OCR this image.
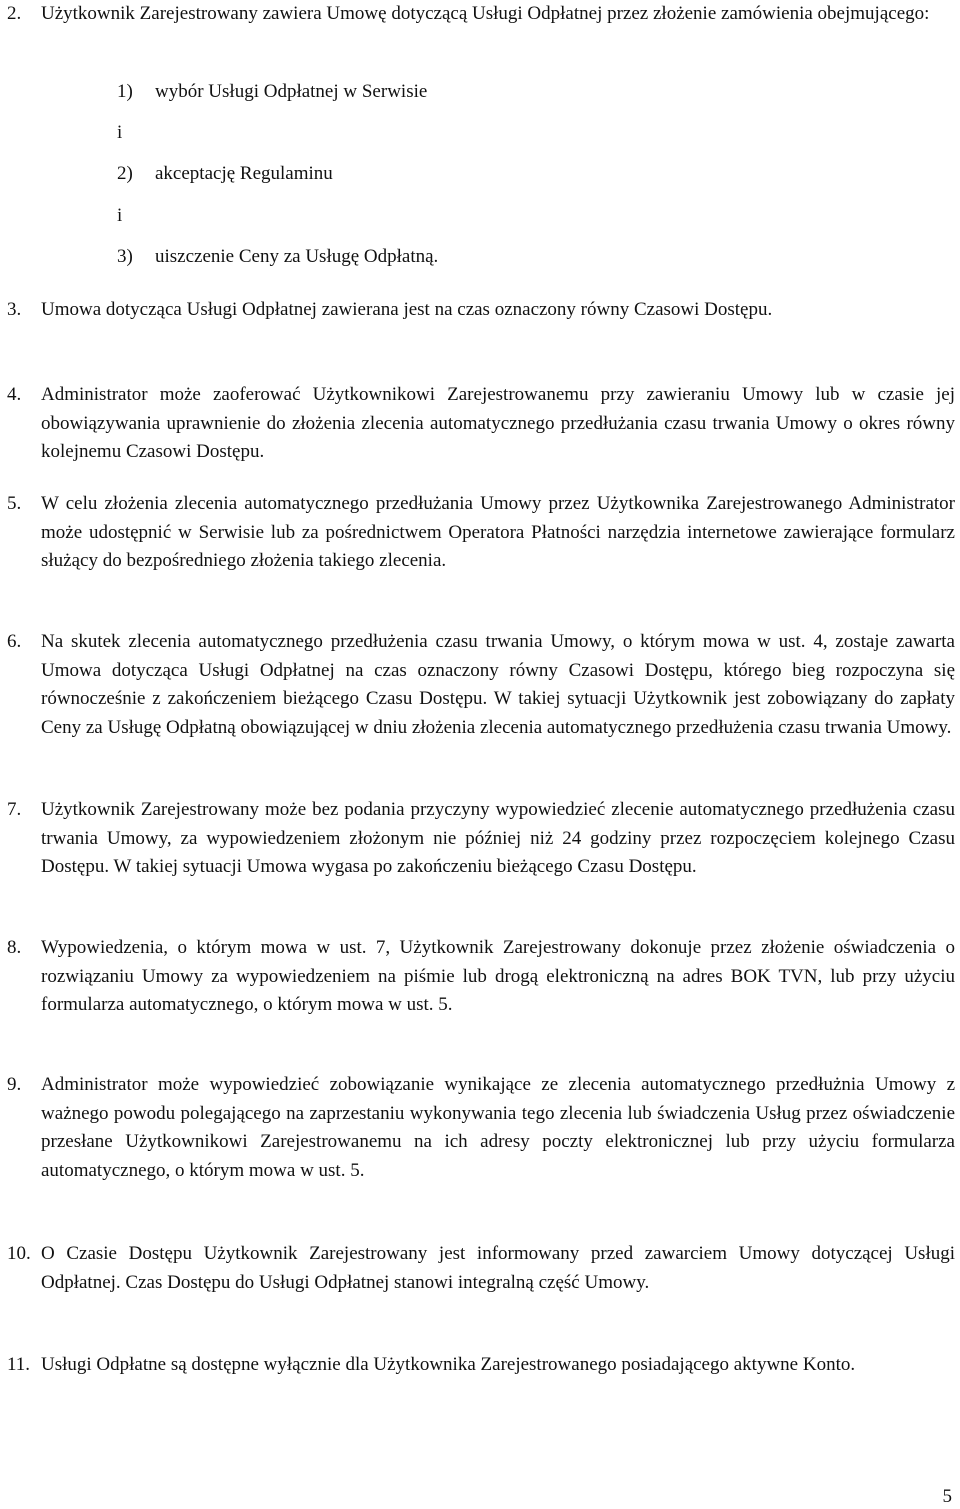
2. Użytkownik Zarejestrowany zawiera Umowę dotyczącą Usługi Odpłatnej przez złożenie zamówienia obejmującego:
1) wybór Usługi Odpłatnej w Serwisie
i
2) akceptację Regulaminu
i
3) uiszczenie Ceny za Usługę Odpłatną.
3. Umowa dotycząca Usługi Odpłatnej zawierana jest na czas oznaczony równy Czasowi Dostępu.
4. Administrator może zaoferować Użytkownikowi Zarejestrowanemu przy zawieraniu Umowy lub w czasie jej obowiązywania uprawnienie do złożenia zlecenia automatycznego przedłużania czasu trwania Umowy o okres równy kolejnemu Czasowi Dostępu.
5. W celu złożenia zlecenia automatycznego przedłużania Umowy przez Użytkownika Zarejestrowanego Administrator może udostępnić w Serwisie lub za pośrednictwem Operatora Płatności narzędzia internetowe zawierające formularz służący do bezpośredniego złożenia takiego zlecenia.
6. Na skutek zlecenia automatycznego przedłużenia czasu trwania Umowy, o którym mowa w ust. 4, zostaje zawarta Umowa dotycząca Usługi Odpłatnej na czas oznaczony równy Czasowi Dostępu, którego bieg rozpoczyna się równocześnie z zakończeniem bieżącego Czasu Dostępu. W takiej sytuacji Użytkownik jest zobowiązany do zapłaty Ceny za Usługę Odpłatną obowiązującej w dniu złożenia zlecenia automatycznego przedłużenia czasu trwania Umowy.
7. Użytkownik Zarejestrowany może bez podania przyczyny wypowiedzieć zlecenie automatycznego przedłużenia czasu trwania Umowy, za wypowiedzeniem złożonym nie później niż 24 godziny przez rozpoczęciem kolejnego Czasu Dostępu. W takiej sytuacji Umowa wygasa po zakończeniu bieżącego Czasu Dostępu.
8. Wypowiedzenia, o którym mowa w ust. 7, Użytkownik Zarejestrowany dokonuje przez złożenie oświadczenia o rozwiązaniu Umowy za wypowiedzeniem na piśmie lub drogą elektroniczną na adres BOK TVN, lub przy użyciu formularza automatycznego, o którym mowa w ust. 5.
9. Administrator może wypowiedzieć zobowiązanie wynikające ze zlecenia automatycznego przedłużnia Umowy z ważnego powodu polegającego na zaprzestaniu wykonywania tego zlecenia lub świadczenia Usług przez oświadczenie przesłane Użytkownikowi Zarejestrowanemu na ich adresy poczty elektronicznej lub przy użyciu formularza automatycznego, o którym mowa w ust. 5.
10. O Czasie Dostępu Użytkownik Zarejestrowany jest informowany przed zawarciem Umowy dotyczącej Usługi Odpłatnej. Czas Dostępu do Usługi Odpłatnej stanowi integralną część Umowy.
11. Usługi Odpłatne są dostępne wyłącznie dla Użytkownika Zarejestrowanego posiadającego aktywne Konto.
5
